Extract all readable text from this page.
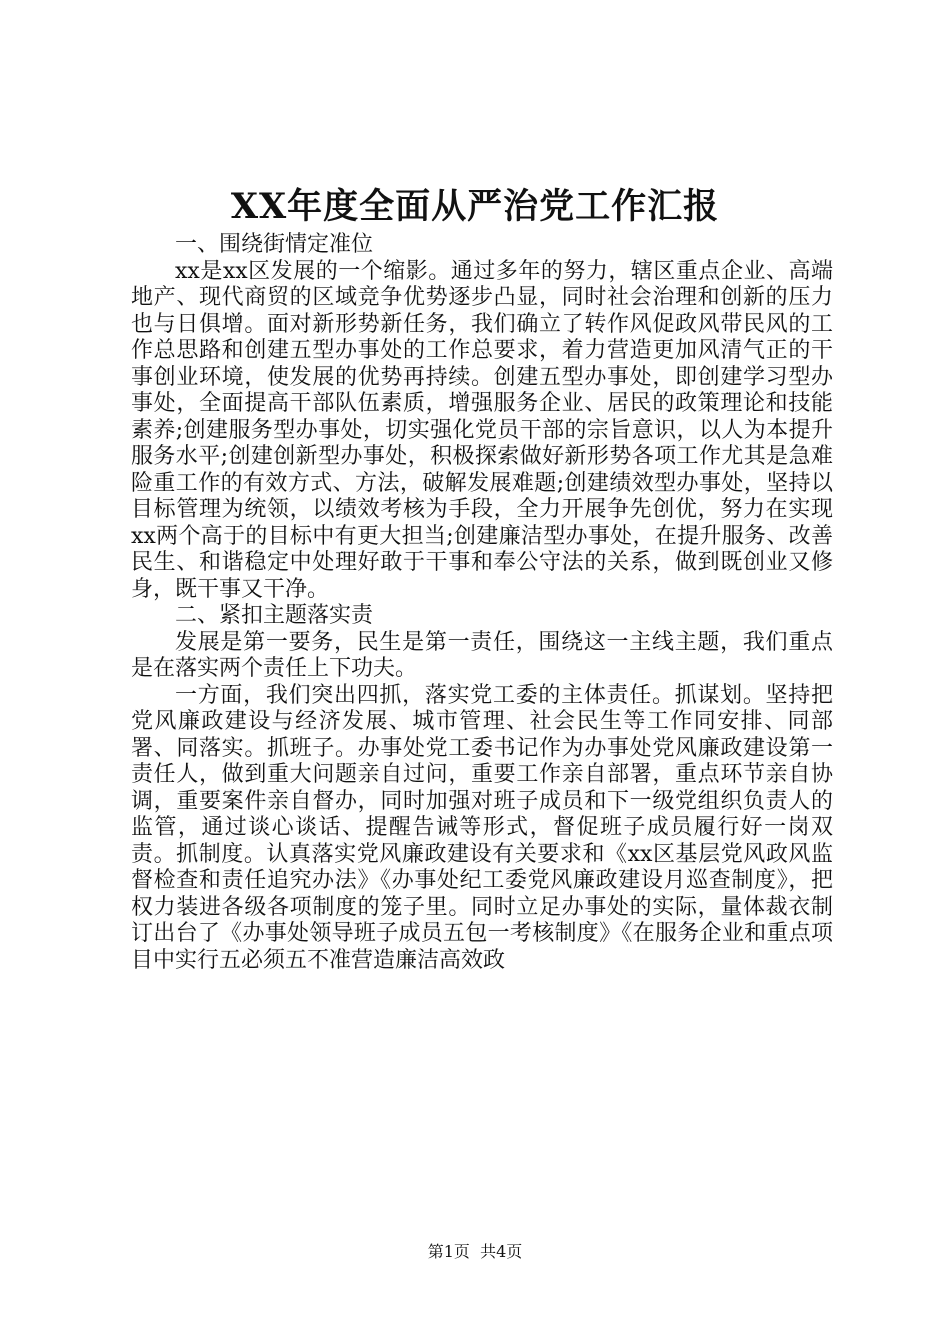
XX年度全面从严治党工作汇报

一、围绕街情定准位

xx是xx区发展的一个缩影。通过多年的努力，辖区重点企业、高端地产、现代商贸的区域竞争优势逐步凸显，同时社会治理和创新的压力也与日俱增。面对新形势新任务，我们确立了转作风促政风带民风的工作总思路和创建五型办事处的工作总要求，着力营造更加风清气正的干事创业环境，使发展的优势再持续。创建五型办事处，即创建学习型办事处，全面提高干部队伍素质，增强服务企业、居民的政策理论和技能素养;创建服务型办事处，切实强化党员干部的宗旨意识，以人为本提升服务水平;创建创新型办事处，积极探索做好新形势各项工作尤其是急难险重工作的有效方式、方法，破解发展难题;创建绩效型办事处，坚持以目标管理为统领，以绩效考核为手段，全力开展争先创优，努力在实现xx两个高于的目标中有更大担当;创建廉洁型办事处，在提升服务、改善民生、和谐稳定中处理好敢于干事和奉公守法的关系，做到既创业又修身，既干事又干净。

二、紧扣主题落实责

发展是第一要务，民生是第一责任，围绕这一主线主题，我们重点是在落实两个责任上下功夫。

一方面，我们突出四抓，落实党工委的主体责任。抓谋划。坚持把党风廉政建设与经济发展、城市管理、社会民生等工作同安排、同部署、同落实。抓班子。办事处党工委书记作为办事处党风廉政建设第一责任人，做到重大问题亲自过问，重要工作亲自部署，重点环节亲自协调，重要案件亲自督办，同时加强对班子成员和下一级党组织负责人的监管，通过谈心谈话、提醒告诫等形式，督促班子成员履行好一岗双责。抓制度。认真落实党风廉政建设有关要求和《xx区基层党风政风监督检查和责任追究办法》《办事处纪工委党风廉政建设月巡查制度》，把权力装进各级各项制度的笼子里。同时立足办事处的实际，量体裁衣制订出台了《办事处领导班子成员五包一考核制度》《在服务企业和重点项目中实行五必须五不准营造廉洁高效政

第1页 共4页
